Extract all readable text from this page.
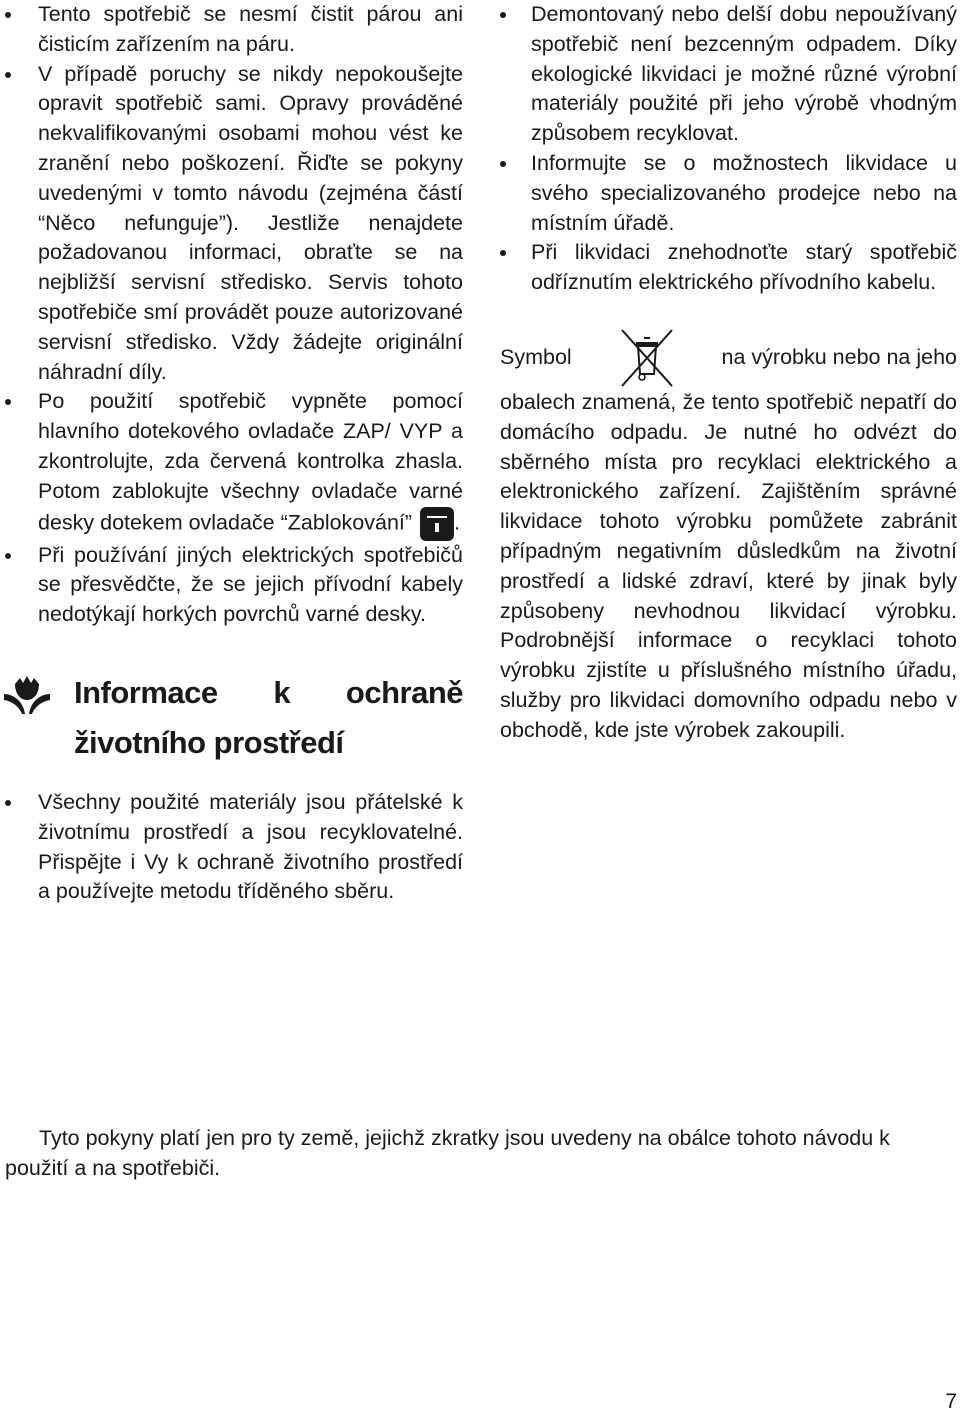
Tento spotřebič se nesmí čistit párou ani čisticím zařízením na páru.
V případě poruchy se nikdy nepokoušejte opravit spotřebič sami. Opravy prováděné nekvalifikovanými osobami mohou vést ke zranění nebo poškození. Řiďte se pokyny uvedenými v tomto návodu (zejména částí “Něco nefunguje”). Jestliže nenajdete požadovanou informaci, obraťte se na nejbližší servisní středisko. Servis tohoto spotřebiče smí provádět pouze autorizované servisní středisko. Vždy žádejte originální náhradní díly.
Po použití spotřebič vypněte pomocí hlavního dotekového ovladače ZAP/ VYP a zkontrolujte, zda červená kontrolka zhasla. Potom zablokujte všechny ovladače varné desky dotekem ovladače “Zablokování” .
Při používání jiných elektrických spotřebičů se přesvědčte, že se jejich přívodní kabely nedotýkají horkých povrchů varné desky.
Informace k ochraně
životního prostředí
Všechny použité materiály jsou přátelské k životnímu prostředí a jsou recyklovatelné. Přispějte i Vy k ochraně životního prostředí a používejte metodu tříděného sběru.
Demontovaný nebo delší dobu nepoužívaný spotřebič není bezcenným odpadem. Díky ekologické likvidaci je možné různé výrobní materiály použité při jeho výrobě vhodným způsobem recyklovat.
Informujte se o možnostech likvidace u svého specializovaného prodejce nebo na místním úřadě.
Při likvidaci znehodnoťte starý spotřebič odříznutím elektrického přívodního kabelu.
Symbol	na výrobku nebo na jeho
obalech znamená, že tento spotřebič nepatří do domácího odpadu. Je nutné ho odvézt do sběrného místa pro recyklaci elektrického a elektronického zařízení. Zajištěním správné likvidace tohoto výrobku pomůžete zabránit případným negativním důsledkům na životní prostředí a lidské zdraví, které by jinak byly způsobeny nevhodnou likvidací výrobku. Podrobnější informace o recyklaci tohoto výrobku zjistíte u příslušného místního úřadu, služby pro likvidaci domovního odpadu nebo v obchodě, kde jste výrobek zakoupili.
Tyto pokyny platí jen pro ty země, jejichž zkratky jsou uvedeny na obálce tohoto návodu k použití a na spotřebiči.
7
